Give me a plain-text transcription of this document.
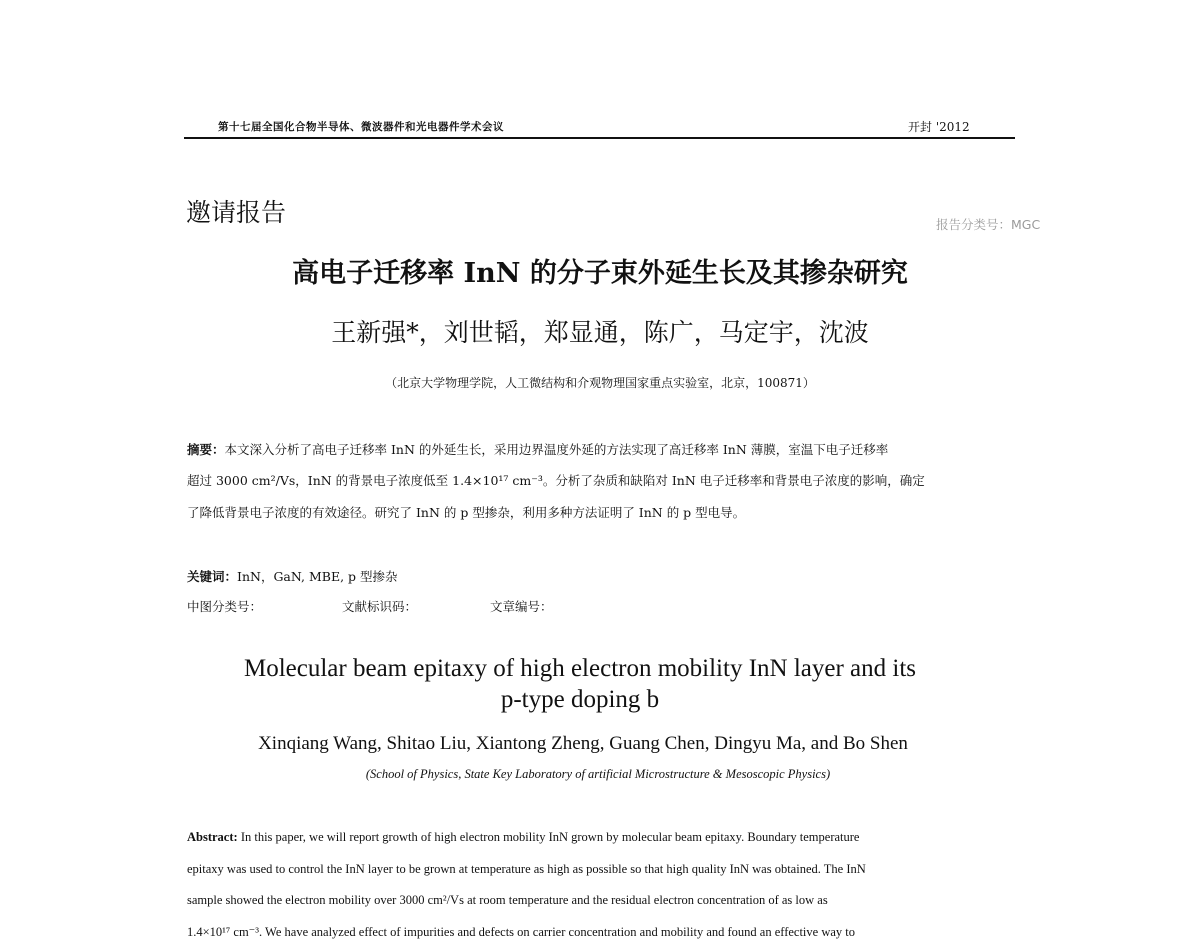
第十七届全国化合物半导体、微波器件和光电器件学术会议	开封 '2012
邀请报告	报告分类号：MGC
高电子迁移率 InN 的分子束外延生长及其掺杂研究
王新强*，刘世韬，郑显通，陈广，马定宇，沈波
（北京大学物理学院，人工微结构和介观物理国家重点实验室，北京，100871）
摘要：本文深入分析了高电子迁移率 InN 的外延生长，采用边界温度外延的方法实现了高迁移率 InN 薄膜，室温下电子迁移率
超过 3000 cm²/Vs，InN 的背景电子浓度低至 1.4×10¹⁷ cm⁻³。分析了杂质和缺陷对 InN 电子迁移率和背景电子浓度的影响，确定
了降低背景电子浓度的有效途径。研究了 InN 的 p 型掺杂，利用多种方法证明了 InN 的 p 型电导。
关键词：InN，GaN, MBE, p 型掺杂
中图分类号：	文献标识码：	文章编号：
Molecular beam epitaxy of high electron mobility InN layer and its
p-type doping b
Xinqiang Wang, Shitao Liu, Xiantong Zheng, Guang Chen, Dingyu Ma, and Bo Shen
(School of Physics, State Key Laboratory of artificial Microstructure & Mesoscopic Physics)
Abstract: In this paper, we will report growth of high electron mobility InN grown by molecular beam epitaxy. Boundary temperature
epitaxy was used to control the InN layer to be grown at temperature as high as possible so that high quality InN was obtained. The InN
sample showed the electron mobility over 3000 cm²/Vs at room temperature and the residual electron concentration of as low as
1.4×10¹⁷ cm⁻³. We have analyzed effect of impurities and defects on carrier concentration and mobility and found an effective way to
